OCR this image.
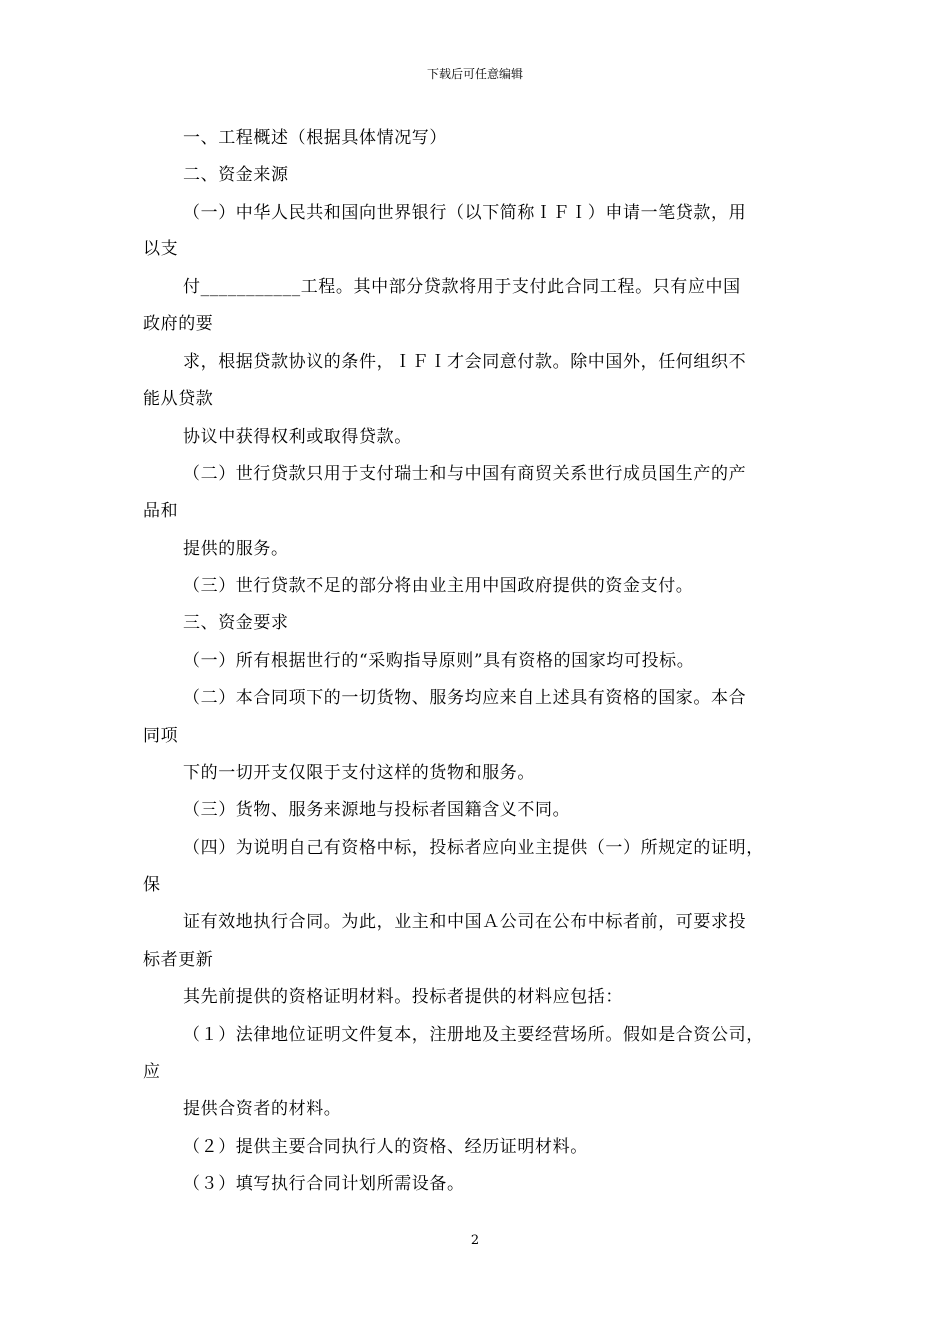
下载后可任意编辑
一、工程概述（根据具体情况写）
二、资金来源
（一）中华人民共和国向世界银行（以下简称ＩＦＩ）申请一笔贷款，用
以支
付___________工程。其中部分贷款将用于支付此合同工程。只有应中国
政府的要
求，根据贷款协议的条件，ＩＦＩ才会同意付款。除中国外，任何组织不
能从贷款
协议中获得权利或取得贷款。
（二）世行贷款只用于支付瑞士和与中国有商贸关系世行成员国生产的产
品和
提供的服务。
（三）世行贷款不足的部分将由业主用中国政府提供的资金支付。
三、资金要求
（一）所有根据世行的“采购指导原则”具有资格的国家均可投标。
（二）本合同项下的一切货物、服务均应来自上述具有资格的国家。本合
同项
下的一切开支仅限于支付这样的货物和服务。
（三）货物、服务来源地与投标者国籍含义不同。
（四）为说明自己有资格中标，投标者应向业主提供（一）所规定的证明，
保
证有效地执行合同。为此，业主和中国Ａ公司在公布中标者前，可要求投
标者更新
其先前提供的资格证明材料。投标者提供的材料应包括：
（１）法律地位证明文件复本，注册地及主要经营场所。假如是合资公司，
应
提供合资者的材料。
（２）提供主要合同执行人的资格、经历证明材料。
（３）填写执行合同计划所需设备。
2
